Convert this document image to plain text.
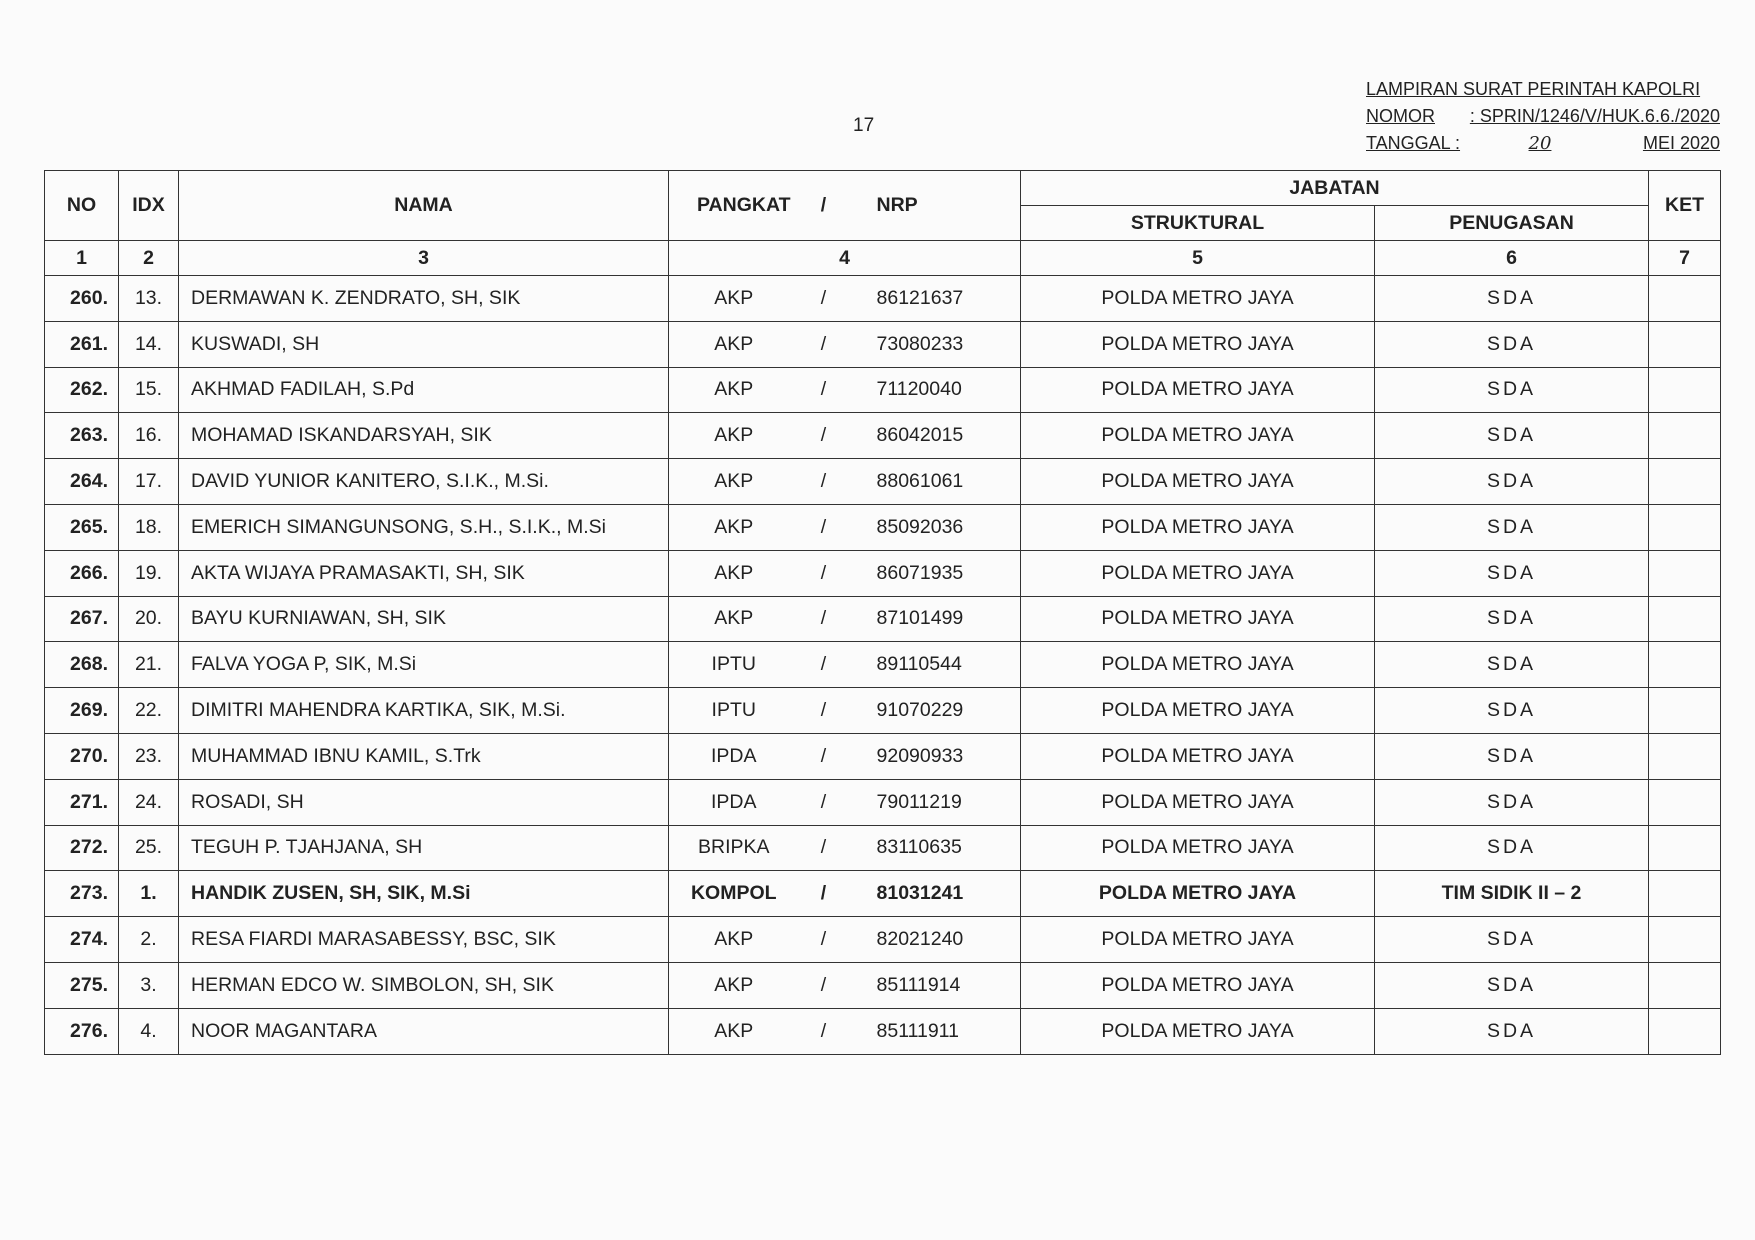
17
LAMPIRAN SURAT PERINTAH KAPOLRI
NOMOR	: SPRIN/1246/V/HUK.6.6./2020
TANGGAL :	20	MEI 2020
NO	IDX	NAMA	PANGKAT	/	NRP	JABATAN		KET
						STRUKTURAL	PENUGASAN	
1	2	3	4			5	6	7
260.	13.	DERMAWAN K. ZENDRATO, SH, SIK	AKP	/	86121637	POLDA METRO JAYA	SDA	
261.	14.	KUSWADI, SH	AKP	/	73080233	POLDA METRO JAYA	SDA	
262.	15.	AKHMAD FADILAH, S.Pd	AKP	/	71120040	POLDA METRO JAYA	SDA	
263.	16.	MOHAMAD ISKANDARSYAH, SIK	AKP	/	86042015	POLDA METRO JAYA	SDA	
264.	17.	DAVID YUNIOR KANITERO, S.I.K., M.Si.	AKP	/	88061061	POLDA METRO JAYA	SDA	
265.	18.	EMERICH SIMANGUNSONG, S.H., S.I.K., M.Si	AKP	/	85092036	POLDA METRO JAYA	SDA	
266.	19.	AKTA WIJAYA PRAMASAKTI, SH, SIK	AKP	/	86071935	POLDA METRO JAYA	SDA	
267.	20.	BAYU KURNIAWAN, SH, SIK	AKP	/	87101499	POLDA METRO JAYA	SDA	
268.	21.	FALVA YOGA P, SIK, M.Si	IPTU	/	89110544	POLDA METRO JAYA	SDA	
269.	22.	DIMITRI MAHENDRA KARTIKA, SIK, M.Si.	IPTU	/	91070229	POLDA METRO JAYA	SDA	
270.	23.	MUHAMMAD IBNU KAMIL, S.Trk	IPDA	/	92090933	POLDA METRO JAYA	SDA	
271.	24.	ROSADI, SH	IPDA	/	79011219	POLDA METRO JAYA	SDA	
272.	25.	TEGUH P. TJAHJANA, SH	BRIPKA	/	83110635	POLDA METRO JAYA	SDA	
273.	1.	HANDIK ZUSEN, SH, SIK, M.Si	KOMPOL	/	81031241	POLDA METRO JAYA	TIM SIDIK II – 2	
274.	2.	RESA FIARDI MARASABESSY, BSC, SIK	AKP	/	82021240	POLDA METRO JAYA	SDA	
275.	3.	HERMAN EDCO W. SIMBOLON, SH, SIK	AKP	/	85111914	POLDA METRO JAYA	SDA	
276.	4.	NOOR MAGANTARA	AKP	/	85111911	POLDA METRO JAYA	SDA	
